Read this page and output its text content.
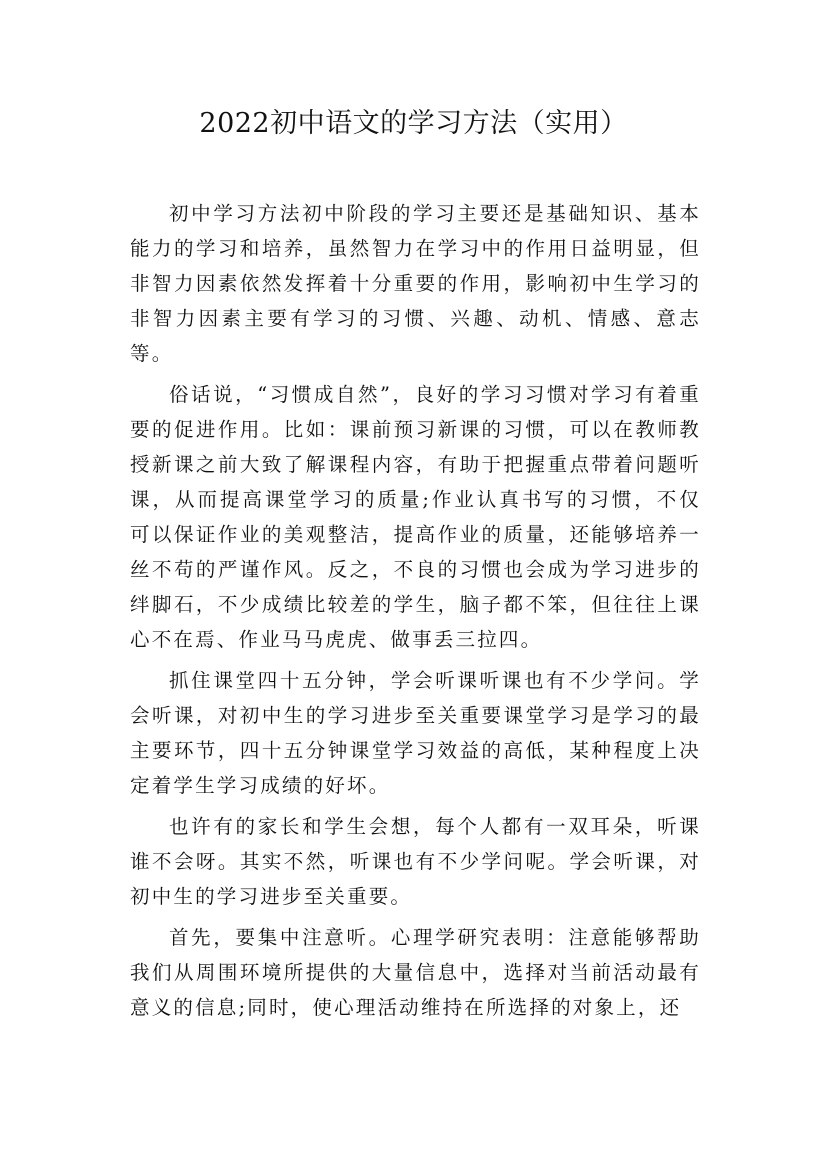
2022初中语文的学习方法（实用）

初中学习方法初中阶段的学习主要还是基础知识、基本能力的学习和培养，虽然智力在学习中的作用日益明显，但非智力因素依然发挥着十分重要的作用，影响初中生学习的非智力因素主要有学习的习惯、兴趣、动机、情感、意志等。

俗话说，“习惯成自然”，良好的学习习惯对学习有着重要的促进作用。比如：课前预习新课的习惯，可以在教师教授新课之前大致了解课程内容，有助于把握重点带着问题听课，从而提高课堂学习的质量;作业认真书写的习惯，不仅可以保证作业的美观整洁，提高作业的质量，还能够培养一丝不苟的严谨作风。反之，不良的习惯也会成为学习进步的绊脚石，不少成绩比较差的学生，脑子都不笨，但往往上课心不在焉、作业马马虎虎、做事丢三拉四。

抓住课堂四十五分钟，学会听课听课也有不少学问。学会听课，对初中生的学习进步至关重要课堂学习是学习的最主要环节，四十五分钟课堂学习效益的高低，某种程度上决定着学生学习成绩的好坏。

也许有的家长和学生会想，每个人都有一双耳朵，听课谁不会呀。其实不然，听课也有不少学问呢。学会听课，对初中生的学习进步至关重要。

首先，要集中注意听。心理学研究表明：注意能够帮助我们从周围环境所提供的大量信息中，选择对当前活动最有意义的信息;同时，使心理活动维持在所选择的对象上，还
